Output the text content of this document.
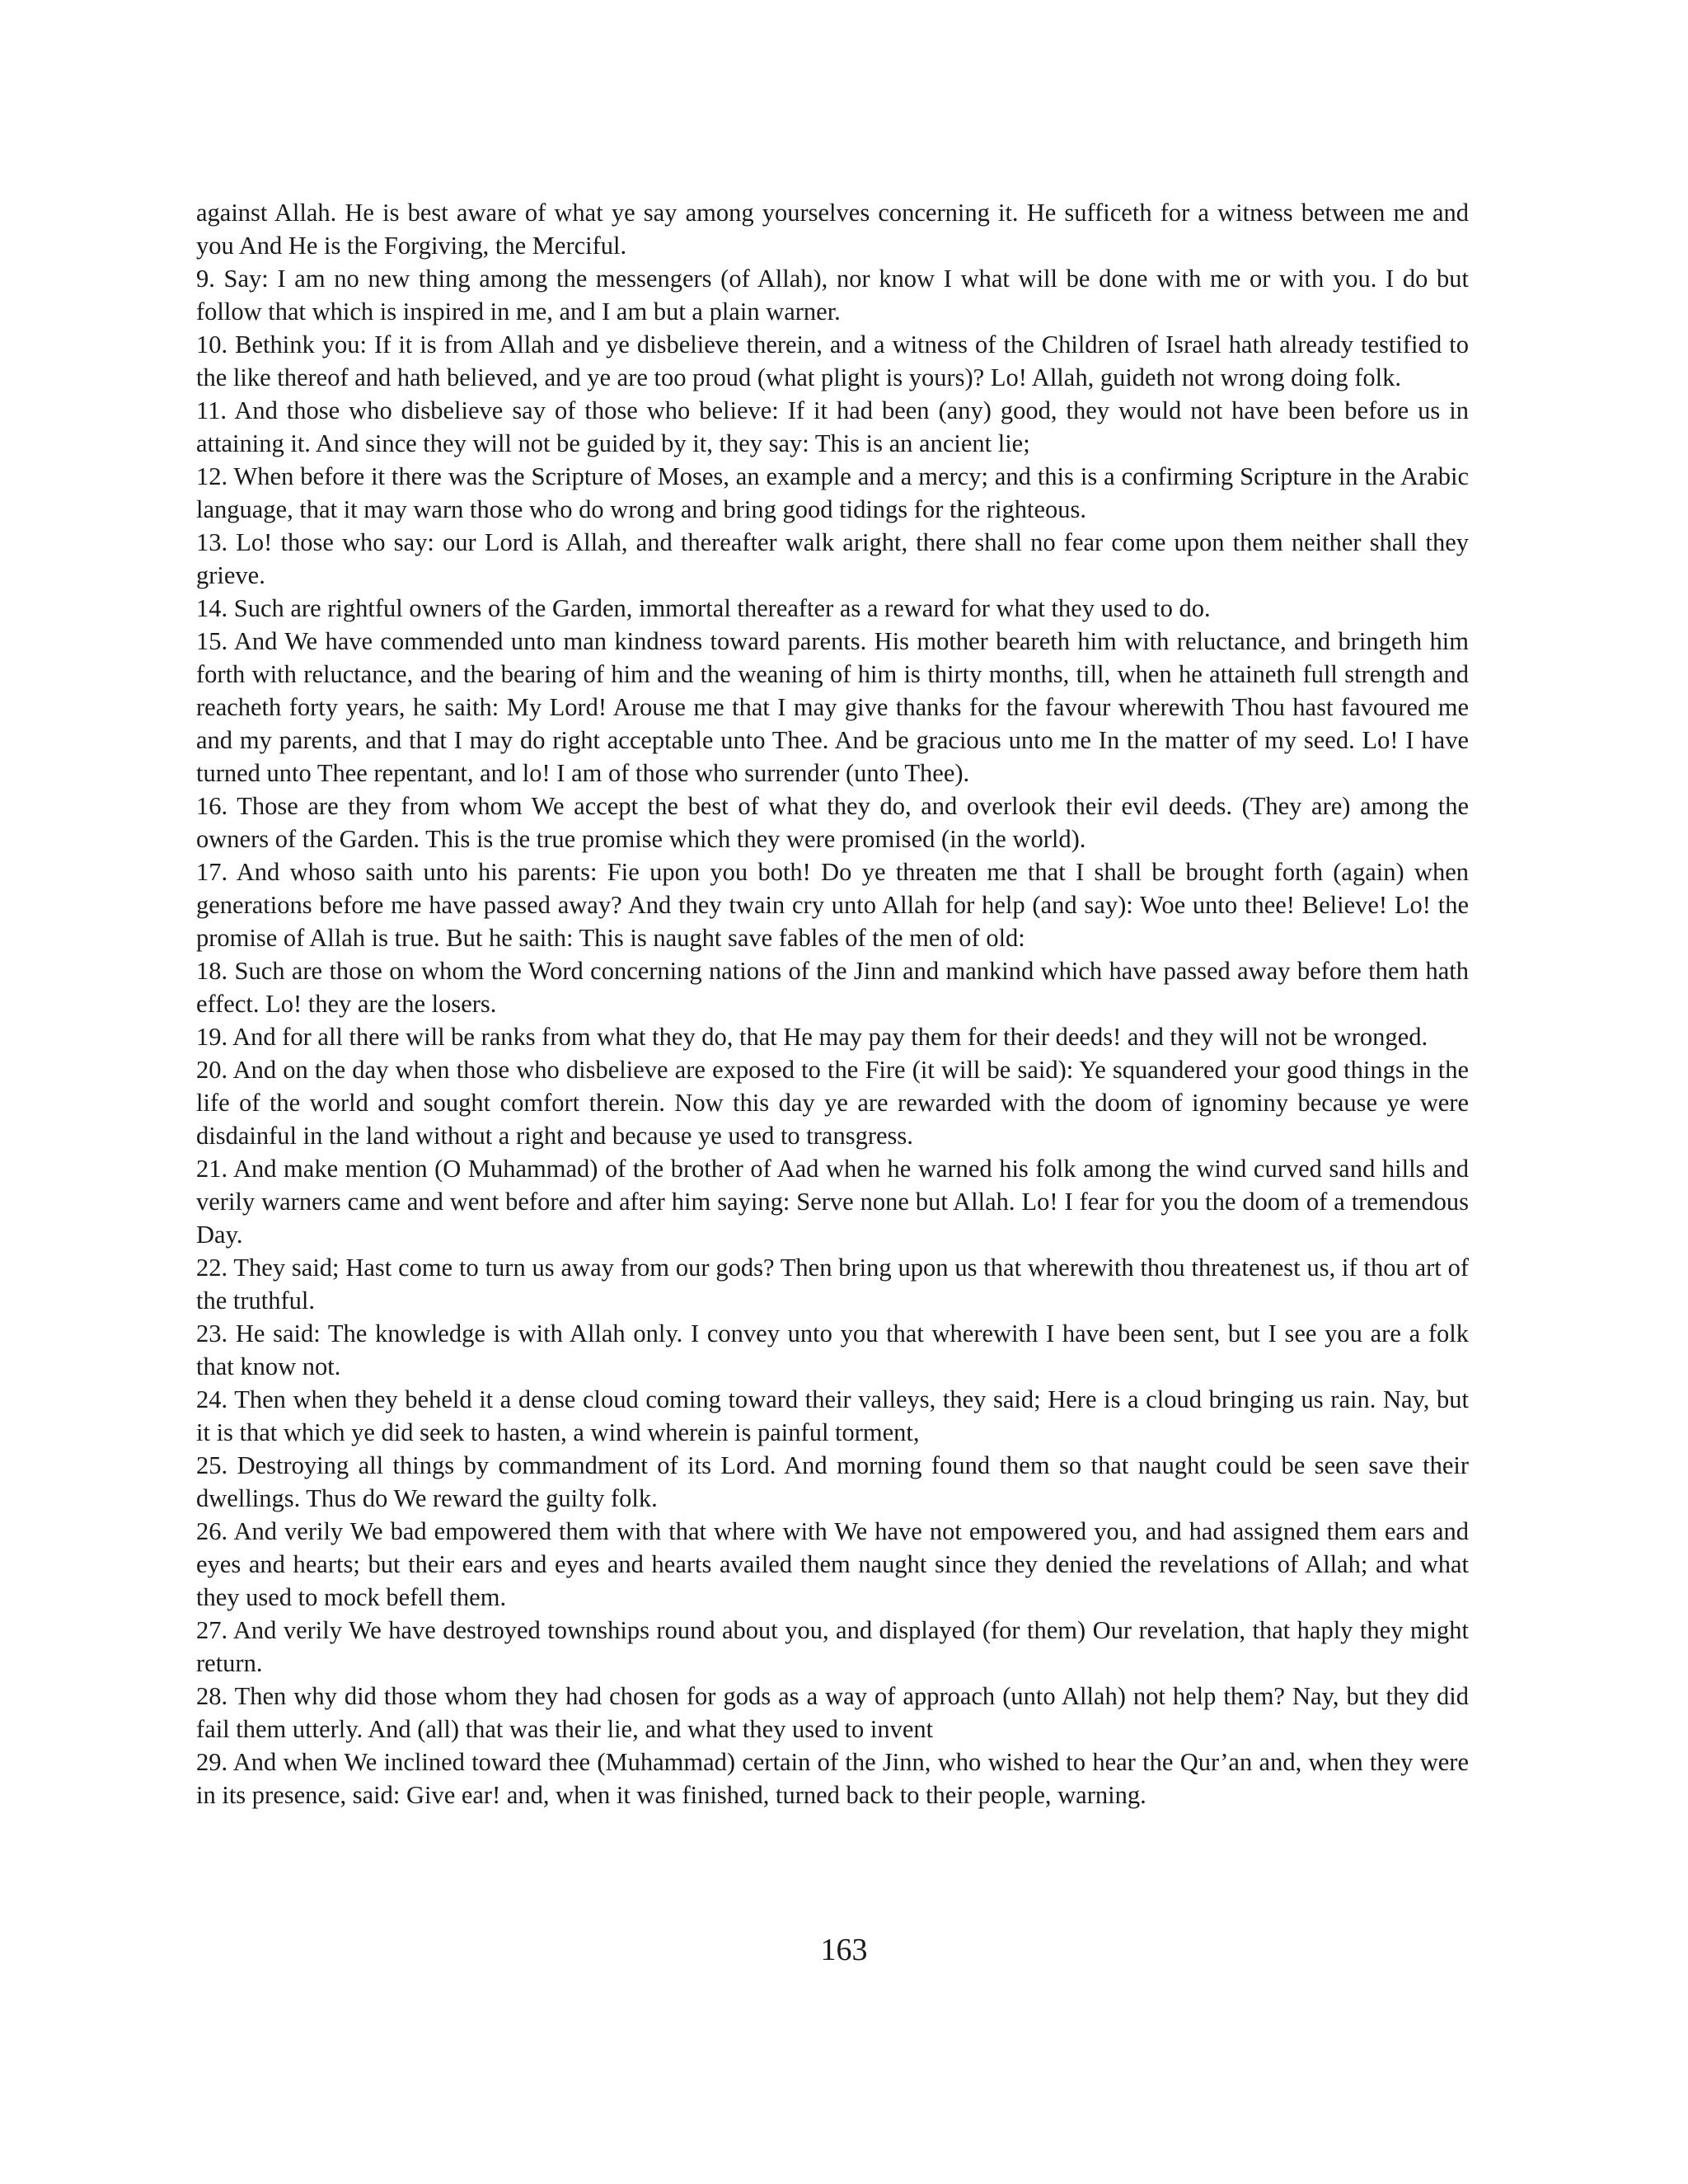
against Allah. He is best aware of what ye say among yourselves concerning it. He sufficeth for a witness between me and you And He is the Forgiving, the Merciful.

9. Say: I am no new thing among the messengers (of Allah), nor know I what will be done with me or with you. I do but follow that which is inspired in me, and I am but a plain warner.

10. Bethink you: If it is from Allah and ye disbelieve therein, and a witness of the Children of Israel hath already testified to the like thereof and hath believed, and ye are too proud (what plight is yours)? Lo! Allah, guideth not wrong doing folk.

11. And those who disbelieve say of those who believe: If it had been (any) good, they would not have been before us in attaining it. And since they will not be guided by it, they say: This is an ancient lie;

12. When before it there was the Scripture of Moses, an example and a mercy; and this is a confirming Scripture in the Arabic language, that it may warn those who do wrong and bring good tidings for the righteous.

13. Lo! those who say: our Lord is Allah, and thereafter walk aright, there shall no fear come upon them neither shall they grieve.

14. Such are rightful owners of the Garden, immortal thereafter as a reward for what they used to do.

15. And We have commended unto man kindness toward parents. His mother beareth him with reluctance, and bringeth him forth with reluctance, and the bearing of him and the weaning of him is thirty months, till, when he attaineth full strength and reacheth forty years, he saith: My Lord! Arouse me that I may give thanks for the favour wherewith Thou hast favoured me and my parents, and that I may do right acceptable unto Thee. And be gracious unto me In the matter of my seed. Lo! I have turned unto Thee repentant, and lo! I am of those who surrender (unto Thee).

16. Those are they from whom We accept the best of what they do, and overlook their evil deeds. (They are) among the owners of the Garden. This is the true promise which they were promised (in the world).

17. And whoso saith unto his parents: Fie upon you both! Do ye threaten me that I shall be brought forth (again) when generations before me have passed away? And they twain cry unto Allah for help (and say): Woe unto thee! Believe! Lo! the promise of Allah is true. But he saith: This is naught save fables of the men of old:

18. Such are those on whom the Word concerning nations of the Jinn and mankind which have passed away before them hath effect. Lo! they are the losers.

19. And for all there will be ranks from what they do, that He may pay them for their deeds! and they will not be wronged.

20. And on the day when those who disbelieve are exposed to the Fire (it will be said): Ye squandered your good things in the life of the world and sought comfort therein. Now this day ye are rewarded with the doom of ignominy because ye were disdainful in the land without a right and because ye used to transgress.

21. And make mention (O Muhammad) of the brother of Aad when he warned his folk among the wind curved sand hills and verily warners came and went before and after him saying: Serve none but Allah. Lo! I fear for you the doom of a tremendous Day.

22. They said; Hast come to turn us away from our gods? Then bring upon us that wherewith thou threatenest us, if thou art of the truthful.

23. He said: The knowledge is with Allah only. I convey unto you that wherewith I have been sent, but I see you are a folk that know not.

24. Then when they beheld it a dense cloud coming toward their valleys, they said; Here is a cloud bringing us rain. Nay, but it is that which ye did seek to hasten, a wind wherein is painful torment,

25. Destroying all things by commandment of its Lord. And morning found them so that naught could be seen save their dwellings. Thus do We reward the guilty folk.

26. And verily We bad empowered them with that where with We have not empowered you, and had assigned them ears and eyes and hearts; but their ears and eyes and hearts availed them naught since they denied the revelations of Allah; and what they used to mock befell them.

27. And verily We have destroyed townships round about you, and displayed (for them) Our revelation, that haply they might return.

28. Then why did those whom they had chosen for gods as a way of approach (unto Allah) not help them? Nay, but they did fail them utterly. And (all) that was their lie, and what they used to invent

29. And when We inclined toward thee (Muhammad) certain of the Jinn, who wished to hear the Qur’an and, when they were in its presence, said: Give ear! and, when it was finished, turned back to their people, warning.

163
